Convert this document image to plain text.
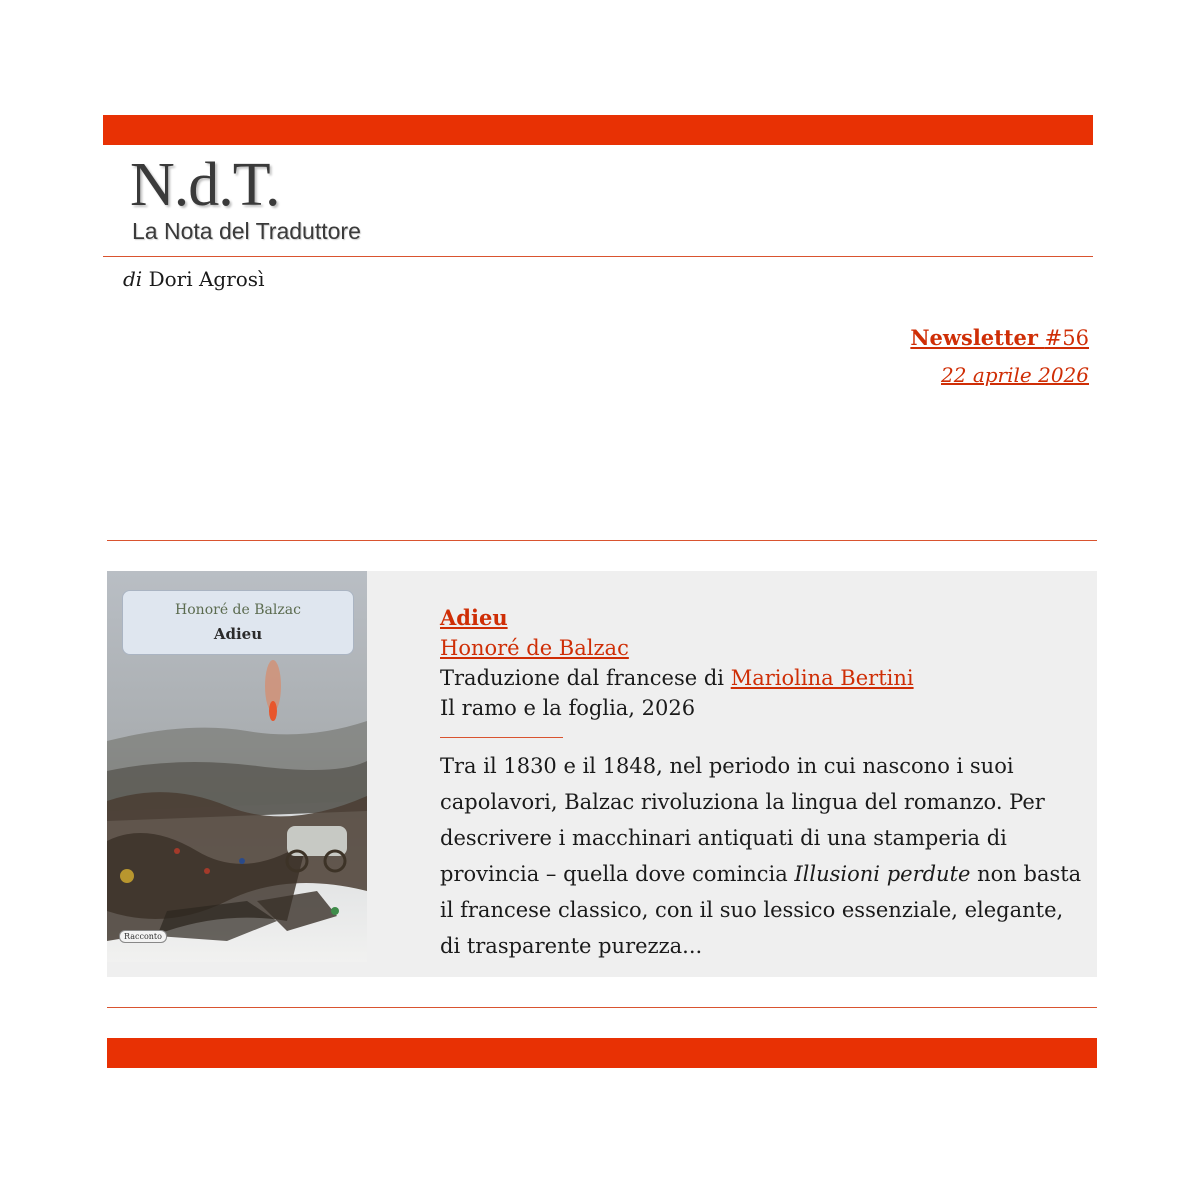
N.d.T.
La Nota del Traduttore
di Dori Agrosì
Newsletter #56
22 aprile 2026
Honoré de Balzac
Adieu
Racconto
Adieu
Honoré de Balzac
Traduzione dal francese di Mariolina Bertini
Il ramo e la foglia, 2026
Tra il 1830 e il 1848, nel periodo in cui nascono i suoi capolavori, Balzac rivoluziona la lingua del romanzo. Per descrivere i macchinari antiquati di una stamperia di provincia – quella dove comincia Illusioni perdute non basta il francese classico, con il suo lessico essenziale, elegante, di trasparente purezza...
